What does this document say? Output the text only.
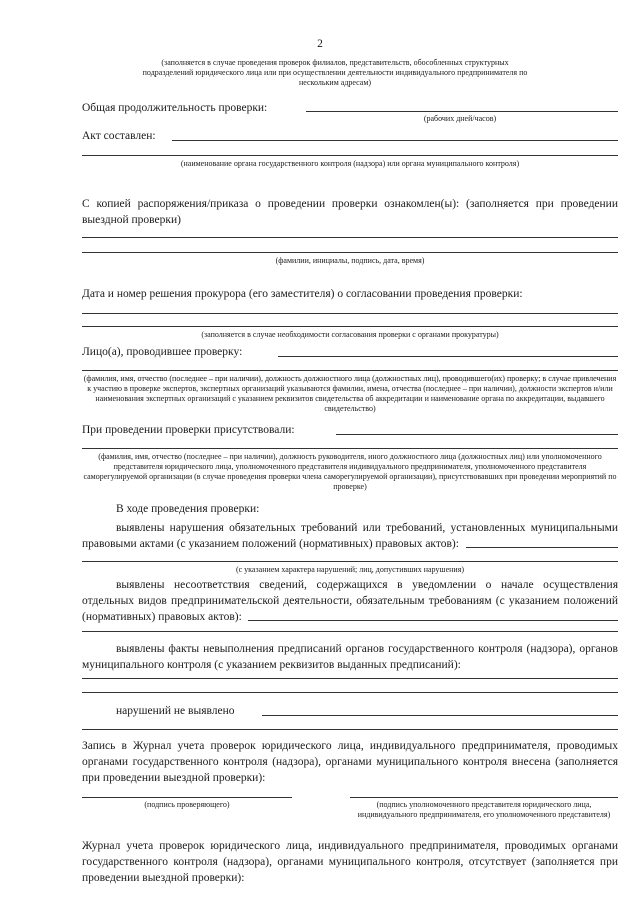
2
(заполняется в случае проведения проверок филиалов, представительств, обособленных структурных подразделений юридического лица или при осуществлении деятельности индивидуального предпринимателя по нескольким адресам)
Общая продолжительность проверки:
(рабочих дней/часов)
Акт составлен:
(наименование органа государственного контроля (надзора) или органа муниципального контроля)
С копией распоряжения/приказа о проведении проверки ознакомлен(ы): (заполняется при проведении выездной проверки)
(фамилии, инициалы, подпись, дата, время)
Дата и номер решения прокурора (его заместителя) о согласовании проведения проверки:
(заполняется в случае необходимости согласования проверки с органами прокуратуры)
Лицо(а), проводившее проверку:
(фамилия, имя, отчество (последнее – при наличии), должность должностного лица (должностных лиц), проводившего(их) проверку; в случае привлечения к участию в проверке экспертов, экспертных организаций указываются фамилии, имена, отчества (последнее – при наличии), должности экспертов и/или наименования экспертных организаций с указанием реквизитов свидетельства об аккредитации и наименование органа по аккредитации, выдавшего свидетельство)
При проведении проверки присутствовали:
(фамилия, имя, отчество (последнее – при наличии), должность руководителя, иного должностного лица (должностных лиц) или уполномоченного представителя юридического лица, уполномоченного представителя индивидуального предпринимателя, уполномоченного представителя саморегулируемой организации (в случае проведения проверки члена саморегулируемой организации), присутствовавших при проведении мероприятий по проверке)
В ходе проведения проверки:
выявлены нарушения обязательных требований или требований, установленных муниципальными правовыми актами (с указанием положений (нормативных) правовых актов):
(с указанием характера нарушений; лиц, допустивших нарушения)
выявлены несоответствия сведений, содержащихся в уведомлении о начале осуществления отдельных видов предпринимательской деятельности, обязательным требованиям (с указанием положений (нормативных) правовых актов):
выявлены факты невыполнения предписаний органов государственного контроля (надзора), органов муниципального контроля (с указанием реквизитов выданных предписаний):
нарушений не выявлено
Запись в Журнал учета проверок юридического лица, индивидуального предпринимателя, проводимых органами государственного контроля (надзора), органами муниципального контроля внесена (заполняется при проведении выездной проверки):
(подпись проверяющего)	(подпись уполномоченного представителя юридического лица, индивидуального предпринимателя, его уполномоченного представителя)
Журнал учета проверок юридического лица, индивидуального предпринимателя, проводимых органами государственного контроля (надзора), органами муниципального контроля, отсутствует (заполняется при проведении выездной проверки):
